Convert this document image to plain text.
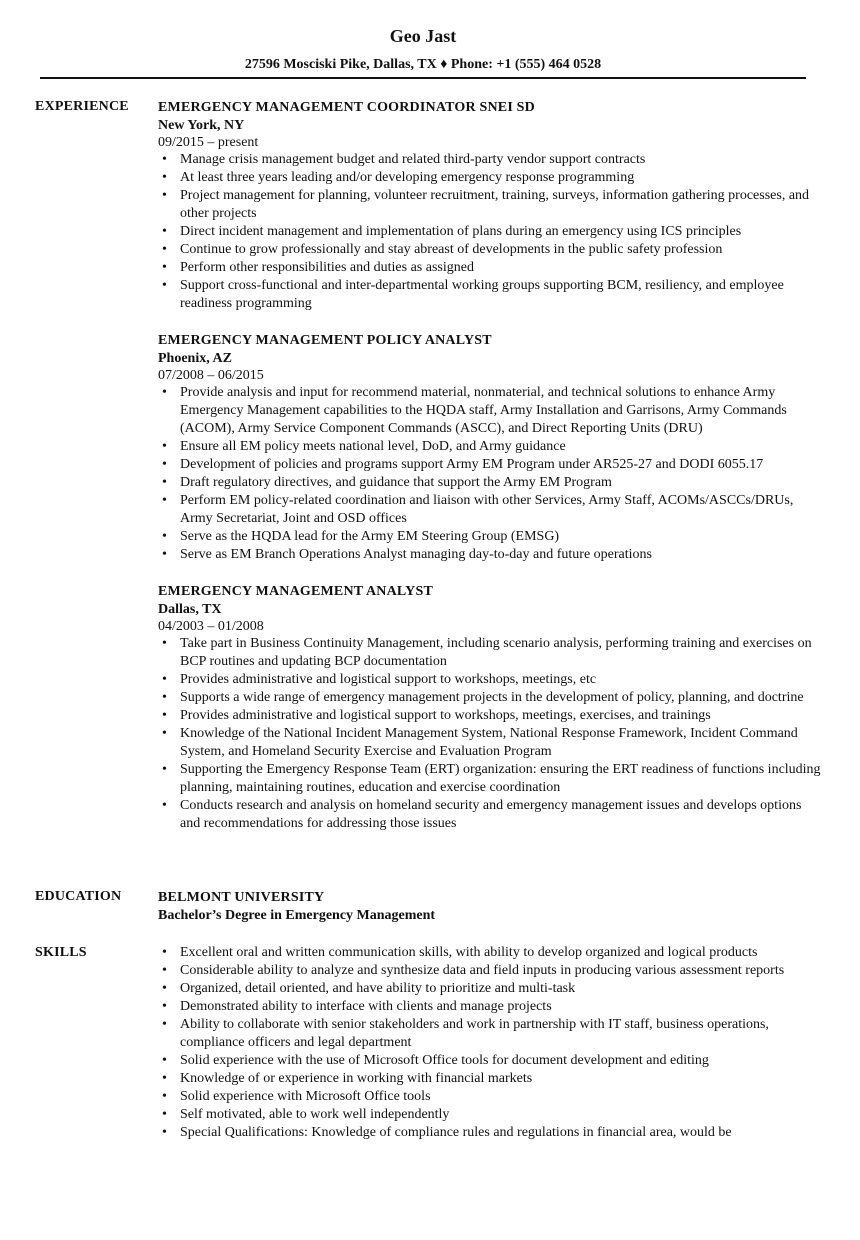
Geo Jast
27596 Mosciski Pike, Dallas, TX ♦ Phone: +1 (555) 464 0528
EXPERIENCE EMERGENCY MANAGEMENT COORDINATOR SNEI SD
New York, NY
09/2015 – present
• Manage crisis management budget and related third-party vendor support contracts
• At least three years leading and/or developing emergency response programming
• Project management for planning, volunteer recruitment, training, surveys, information gathering processes, and other projects
• Direct incident management and implementation of plans during an emergency using ICS principles
• Continue to grow professionally and stay abreast of developments in the public safety profession
• Perform other responsibilities and duties as assigned
• Support cross-functional and inter-departmental working groups supporting BCM, resiliency, and employee readiness programming
EMERGENCY MANAGEMENT POLICY ANALYST
Phoenix, AZ
07/2008 – 06/2015
• Provide analysis and input for recommend material, nonmaterial, and technical solutions to enhance Army Emergency Management capabilities to the HQDA staff, Army Installation and Garrisons, Army Commands (ACOM), Army Service Component Commands (ASCC), and Direct Reporting Units (DRU)
• Ensure all EM policy meets national level, DoD, and Army guidance
• Development of policies and programs support Army EM Program under AR525-27 and DODI 6055.17
• Draft regulatory directives, and guidance that support the Army EM Program
• Perform EM policy-related coordination and liaison with other Services, Army Staff, ACOMs/ASCCs/DRUs, Army Secretariat, Joint and OSD offices
• Serve as the HQDA lead for the Army EM Steering Group (EMSG)
• Serve as EM Branch Operations Analyst managing day-to-day and future operations
EMERGENCY MANAGEMENT ANALYST
Dallas, TX
04/2003 – 01/2008
• Take part in Business Continuity Management, including scenario analysis, performing training and exercises on BCP routines and updating BCP documentation
• Provides administrative and logistical support to workshops, meetings, etc
• Supports a wide range of emergency management projects in the development of policy, planning, and doctrine
• Provides administrative and logistical support to workshops, meetings, exercises, and trainings
• Knowledge of the National Incident Management System, National Response Framework, Incident Command System, and Homeland Security Exercise and Evaluation Program
• Supporting the Emergency Response Team (ERT) organization: ensuring the ERT readiness of functions including planning, maintaining routines, education and exercise coordination
• Conducts research and analysis on homeland security and emergency management issues and develops options and recommendations for addressing those issues
EDUCATION	BELMONT UNIVERSITY
Bachelor’s Degree in Emergency Management
SKILLS
•	Excellent oral and written communication skills, with ability to develop organized and logical products
• Considerable ability to analyze and synthesize data and field inputs in producing various assessment reports
• Organized, detail oriented, and have ability to prioritize and multi-task
• Demonstrated ability to interface with clients and manage projects
• Ability to collaborate with senior stakeholders and work in partnership with IT staff, business operations, compliance officers and legal department
• Solid experience with the use of Microsoft Office tools for document development and editing
• Knowledge of or experience in working with financial markets
• Solid experience with Microsoft Office tools
• Self motivated, able to work well independently
• Special Qualifications: Knowledge of compliance rules and regulations in financial area, would be
